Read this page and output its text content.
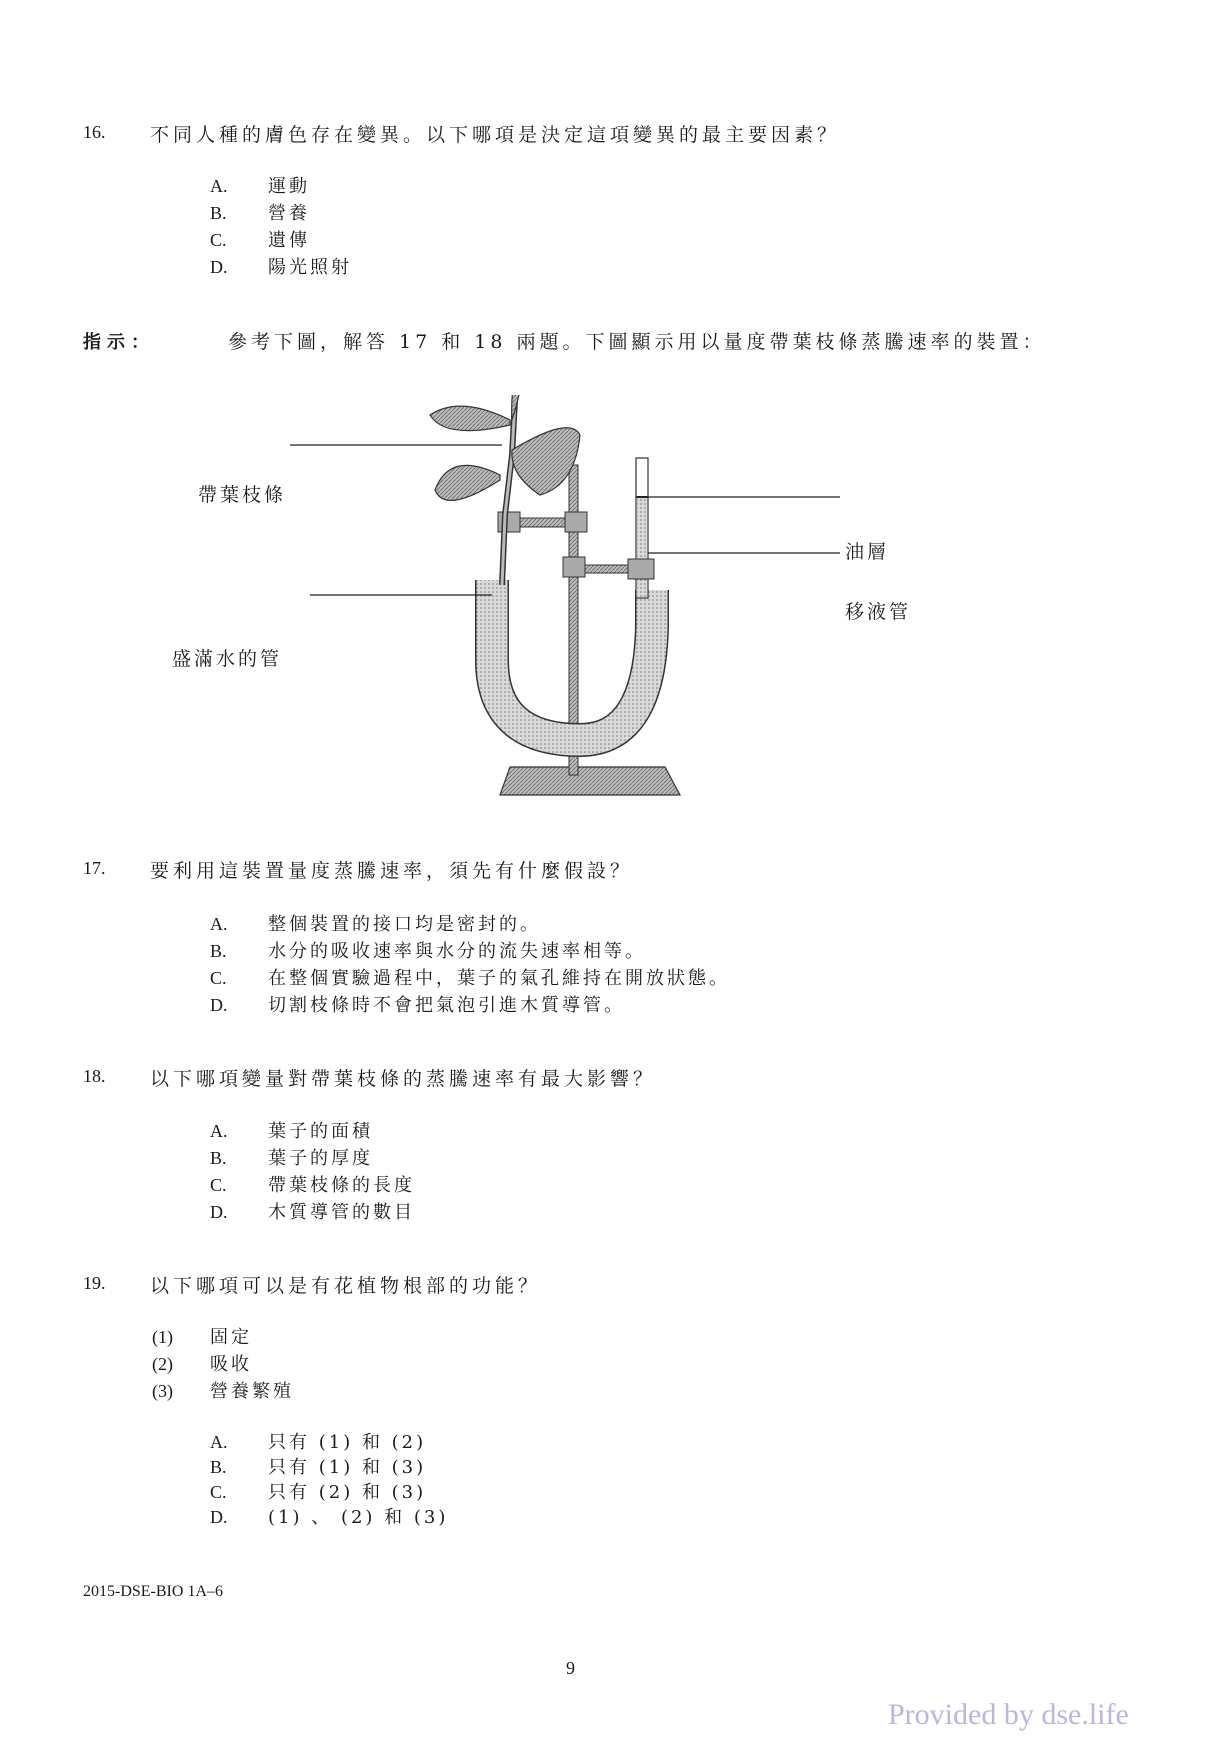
16. 不同人種的膚色存在變異。以下哪項是決定這項變異的最主要因素？
A. 運動
B. 營養
C. 遺傳
D. 陽光照射
指示：	參考下圖，解答 17 和 18 兩題。下圖顯示用以量度帶葉枝條蒸騰速率的裝置：
帶葉枝條
盛滿水的管
油層
移液管
17. 要利用這裝置量度蒸騰速率，須先有什麼假設？
A. 整個裝置的接口均是密封的。
B. 水分的吸收速率與水分的流失速率相等。
C. 在整個實驗過程中，葉子的氣孔維持在開放狀態。
D. 切割枝條時不會把氣泡引進木質導管。
18. 以下哪項變量對帶葉枝條的蒸騰速率有最大影響？
A. 葉子的面積
B. 葉子的厚度
C. 帶葉枝條的長度
D. 木質導管的數目
19. 以下哪項可以是有花植物根部的功能？
(1) 固定
(2) 吸收
(3) 營養繁殖
A. 只有 (1) 和 (2)
B. 只有 (1) 和 (3)
C. 只有 (2) 和 (3)
D. (1) 、 (2) 和 (3)
2015-DSE-BIO 1A–6
9
Provided by dse.life
